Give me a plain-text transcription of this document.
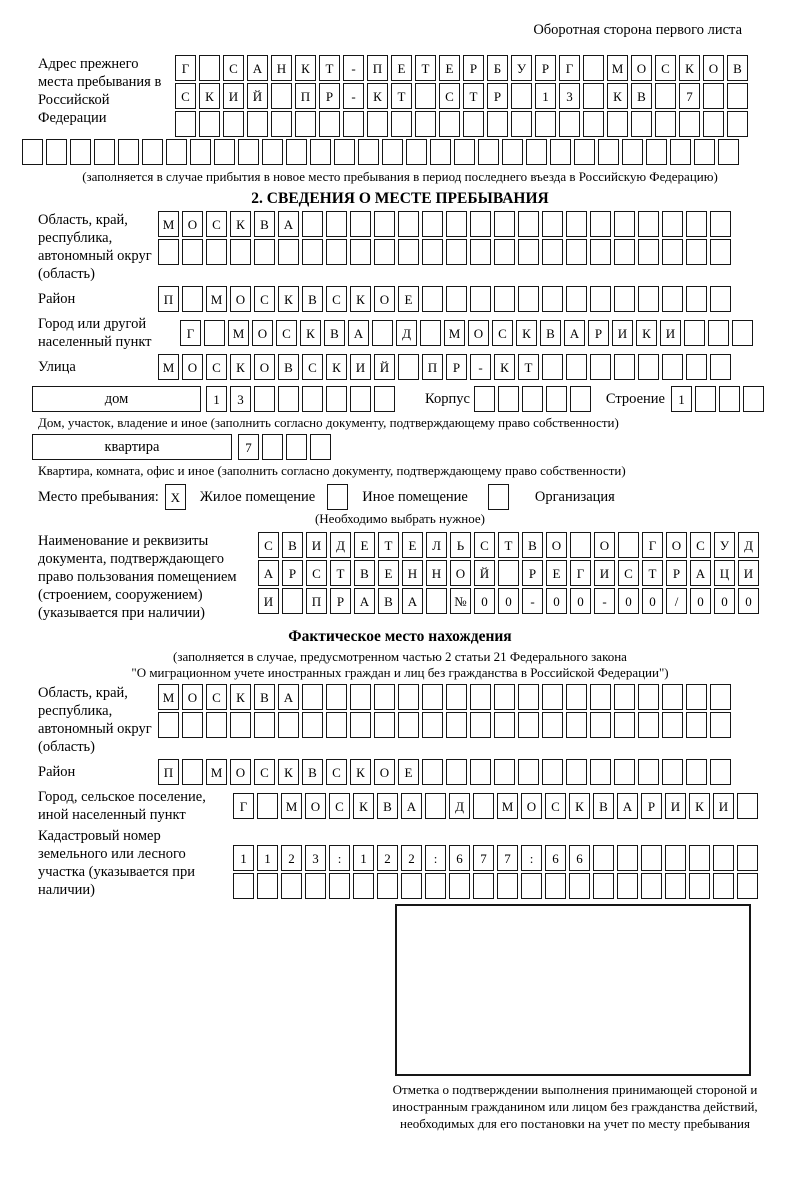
Оборотная сторона первого листа
Адрес прежнего места пребывания в Российской Федерации
Г	С	А	Н	К	Т	-	П	Е	Т	Е	Р	Б	У	Р	Г	М	О	С	К	О	В
С	К	И	Й	П	Р	-	К	Т	С	Т	Р	1	3	К	В	7
(заполняется в случае прибытия в новое место пребывания в период последнего въезда в Российскую Федерацию)
2. СВЕДЕНИЯ О МЕСТЕ ПРЕБЫВАНИЯ
Область, край, республика, автономный округ (область)
М	О	С	К	В	А
Район	П	М	О	С	К	В	С	К	О	Е
Город или другой населенный пункт
Г	М	О	С	К	В	А	Д	М	О	С	К	В	А	Р	И	К	И
Улица	М	О	С	К	О	В	С	К	И	Й	П	Р	-	К	Т
дом	1	3	Корпус	Строение	1
Дом, участок, владение и иное (заполнить согласно документу, подтверждающему право собственности)
квартира	7
Квартира, комната, офис и иное (заполнить согласно документу, подтверждающему право собственности)
Место пребывания: X	Жилое помещение	Иное помещение	Организация
(Необходимо выбрать нужное)
Наименование и реквизиты документа, подтверждающего право пользования помещением (строением, сооружением) (указывается при наличии)
С	В	И	Д	Е	Т	Е	Л	Ь	С	Т	В	О	О	Г	О	С	У	Д
А	Р	С	Т	В	Е	Н	Н	О	Й	Р	Е	Г	И	С	Т	Р	А	Ц	И
И	П	Р	А	В	А	№	0	0	-	0	0	-	0	0	/	0	0	0
Фактическое место нахождения
(заполняется в случае, предусмотренном частью 2 статьи 21 Федерального закона
"О миграционном учете иностранных граждан и лиц без гражданства в Российской Федерации")
Область, край, республика, автономный округ (область)
М	О	С	К	В	А
Район	П	М	О	С	К	В	С	К	О	Е
Город, сельское поселение, иной населенный пункт
Г	М	О	С	К	В	А	Д	М	О	С	К	В	А	Р	И	К	И
Кадастровый номер земельного или лесного участка (указывается при наличии)
1	1	2	3	:	1	2	2	:	6	7	7	:	6	6
Отметка о подтверждении выполнения принимающей стороной и иностранным гражданином или лицом без гражданства действий, необходимых для его постановки на учет по месту пребывания
